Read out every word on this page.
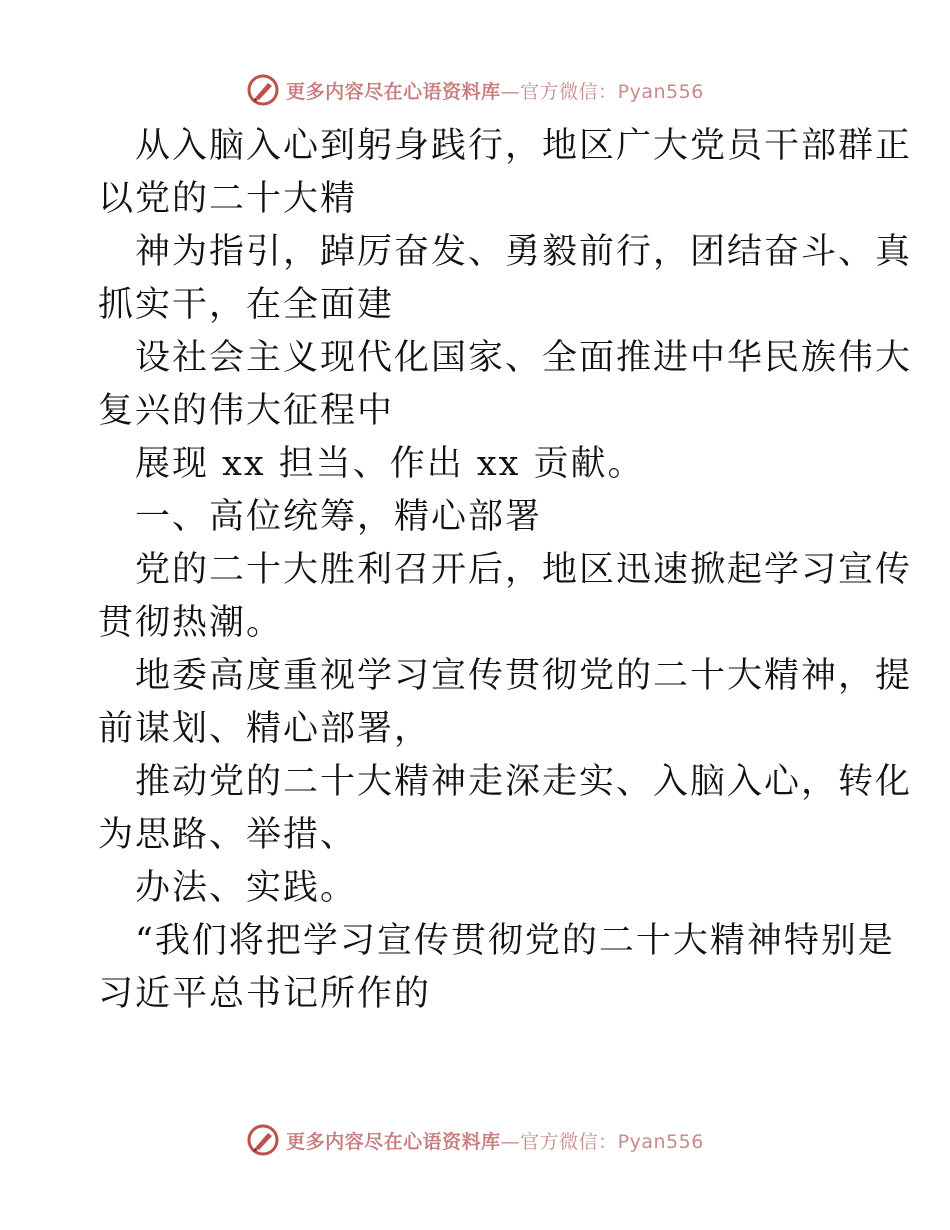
更多内容尽在心语资料库—官方微信：Pyan556
从入脑入心到躬身践行，地区广大党员干部群正
以党的二十大精
神为指引，踔厉奋发、勇毅前行，团结奋斗、真
抓实干，在全面建
设社会主义现代化国家、全面推进中华民族伟大
复兴的伟大征程中
展现 xx 担当、作出 xx 贡献。
一、高位统筹，精心部署
党的二十大胜利召开后，地区迅速掀起学习宣传
贯彻热潮。
地委高度重视学习宣传贯彻党的二十大精神，提
前谋划、精心部署，
推动党的二十大精神走深走实、入脑入心，转化
为思路、举措、
办法、实践。
“我们将把学习宣传贯彻党的二十大精神特别是
习近平总书记所作的
更多内容尽在心语资料库—官方微信：Pyan556
